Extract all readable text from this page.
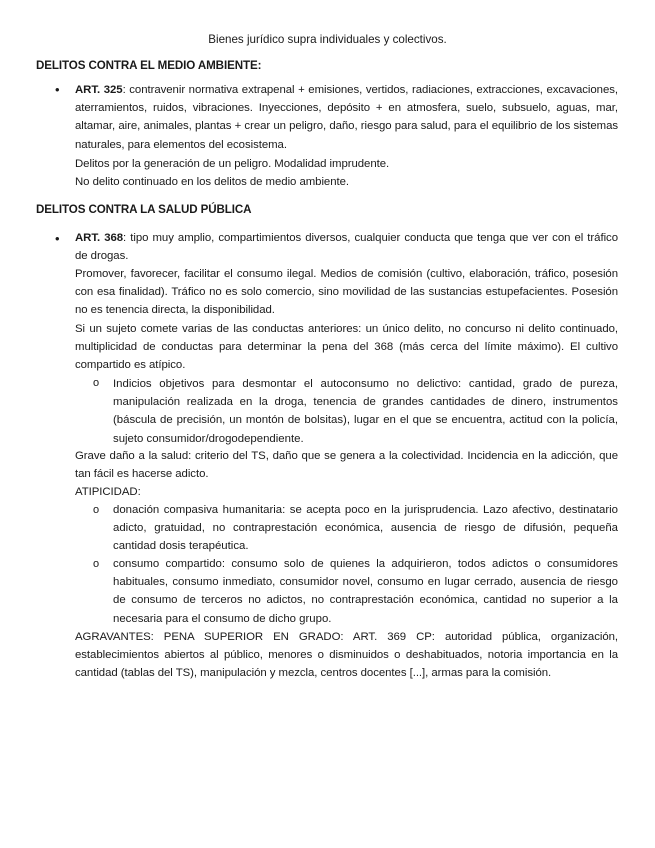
Bienes jurídico supra individuales y colectivos.
DELITOS CONTRA EL MEDIO AMBIENTE:
• ART. 325: contravenir normativa extrapenal + emisiones, vertidos, radiaciones, extracciones, excavaciones, aterramientos, ruidos, vibraciones. Inyecciones, depósito + en atmosfera, suelo, subsuelo, aguas, mar, altamar, aire, animales, plantas + crear un peligro, daño, riesgo para salud, para el equilibrio de los sistemas naturales, para elementos del ecosistema.

Delitos por la generación de un peligro. Modalidad imprudente.
No delito continuado en los delitos de medio ambiente.
DELITOS CONTRA LA SALUD PÚBLICA
• ART. 368: tipo muy amplio, compartimientos diversos, cualquier conducta que tenga que ver con el tráfico de drogas.

Promover, favorecer, facilitar el consumo ilegal. Medios de comisión (cultivo, elaboración, tráfico, posesión con esa finalidad). Tráfico no es solo comercio, sino movilidad de las sustancias estupefacientes. Posesión no es tenencia directa, la disponibilidad.
Si un sujeto comete varias de las conductas anteriores: un único delito, no concurso ni delito continuado, multiplicidad de conductas para determinar la pena del 368 (más cerca del límite máximo). El cultivo compartido es atípico.
o Indicios objetivos para desmontar el autoconsumo no delictivo: cantidad, grado de pureza, manipulación realizada en la droga, tenencia de grandes cantidades de dinero, instrumentos (báscula de precisión, un montón de bolsitas), lugar en el que se encuentra, actitud con la policía, sujeto consumidor/drogodependiente.
Grave daño a la salud: criterio del TS, daño que se genera a la colectividad. Incidencia en la adicción, que tan fácil es hacerse adicto.
ATIPICIDAD:
o donación compasiva humanitaria: se acepta poco en la jurisprudencia. Lazo afectivo, destinatario adicto, gratuidad, no contraprestación económica, ausencia de riesgo de difusión, pequeña cantidad dosis terapéutica.
o consumo compartido: consumo solo de quienes la adquirieron, todos adictos o consumidores habituales, consumo inmediato, consumidor novel, consumo en lugar cerrado, ausencia de riesgo de consumo de terceros no adictos, no contraprestación económica, cantidad no superior a la necesaria para el consumo de dicho grupo.
AGRAVANTES: PENA SUPERIOR EN GRADO: ART. 369 CP: autoridad pública, organización, establecimientos abiertos al público, menores o disminuidos o deshabituados, notoria importancia en la cantidad (tablas del TS), manipulación y mezcla, centros docentes [...], armas para la comisión.
